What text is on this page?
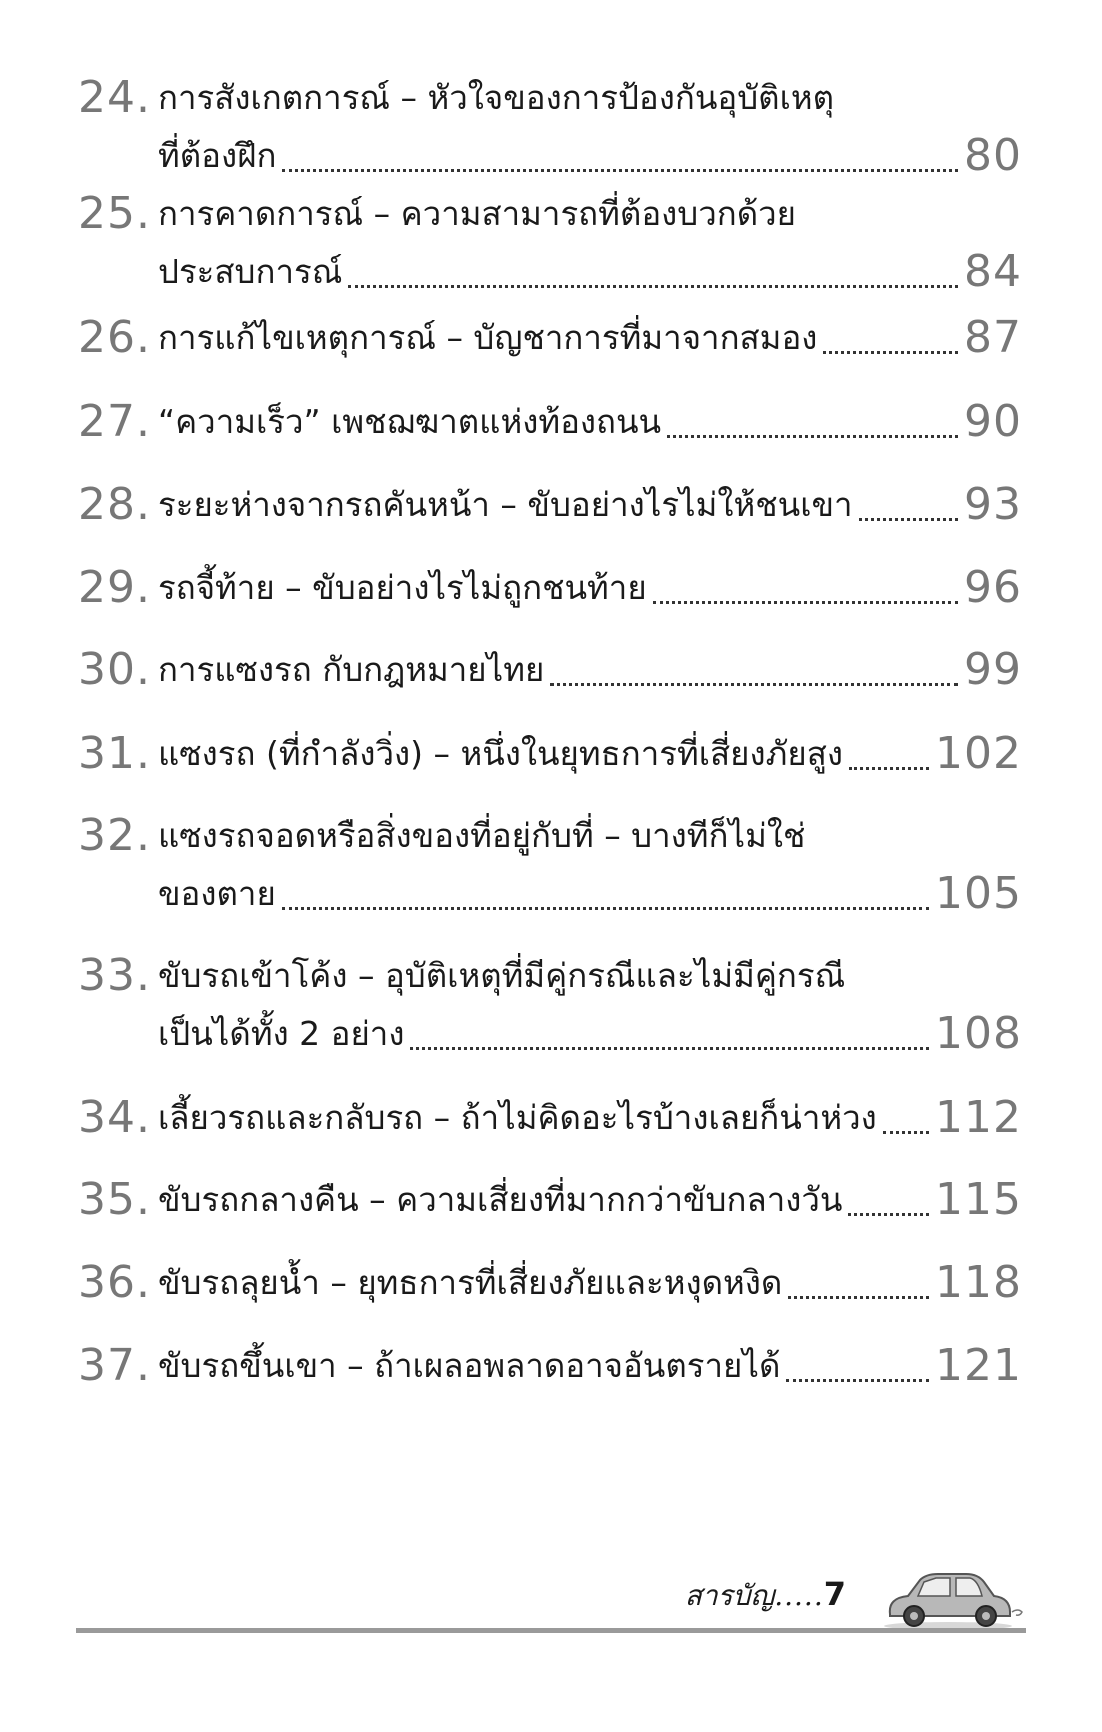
24. การสังเกตการณ์ – หัวใจของการป้องกันอุบัติเหตุ
ที่ต้องฝึก	80
25. การคาดการณ์ – ความสามารถที่ต้องบวกด้วย
ประสบการณ์	84
26. การแก้ไขเหตุการณ์ – บัญชาการที่มาจากสมอง	87
27. “ความเร็ว” เพชฌฆาตแห่งท้องถนน	90
28. ระยะห่างจากรถคันหน้า – ขับอย่างไรไม่ให้ชนเขา	93
29. รถจี้ท้าย – ขับอย่างไรไม่ถูกชนท้าย	96
30. การแซงรถ กับกฎหมายไทย	99
31. แซงรถ (ที่กำลังวิ่ง) – หนึ่งในยุทธการที่เสี่ยงภัยสูง 102
32. แซงรถจอดหรือสิ่งของที่อยู่กับที่ – บางทีก็ไม่ใช่
ของตาย	105
33. ขับรถเข้าโค้ง – อุบัติเหตุที่มีคู่กรณีและไม่มีคู่กรณี
เป็นได้ทั้ง 2 อย่าง	108
34. เลี้ยวรถและกลับรถ – ถ้าไม่คิดอะไรบ้างเลยก็น่าห่วง 112
35. ขับรถกลางคืน – ความเสี่ยงที่มากกว่าขับกลางวัน 115
36. ขับรถลุยน้ำ – ยุทธการที่เสี่ยงภัยและหงุดหงิด	118
37. ขับรถขึ้นเขา – ถ้าเผลอพลาดอาจอันตรายได้	121
สารบัญ.....7
